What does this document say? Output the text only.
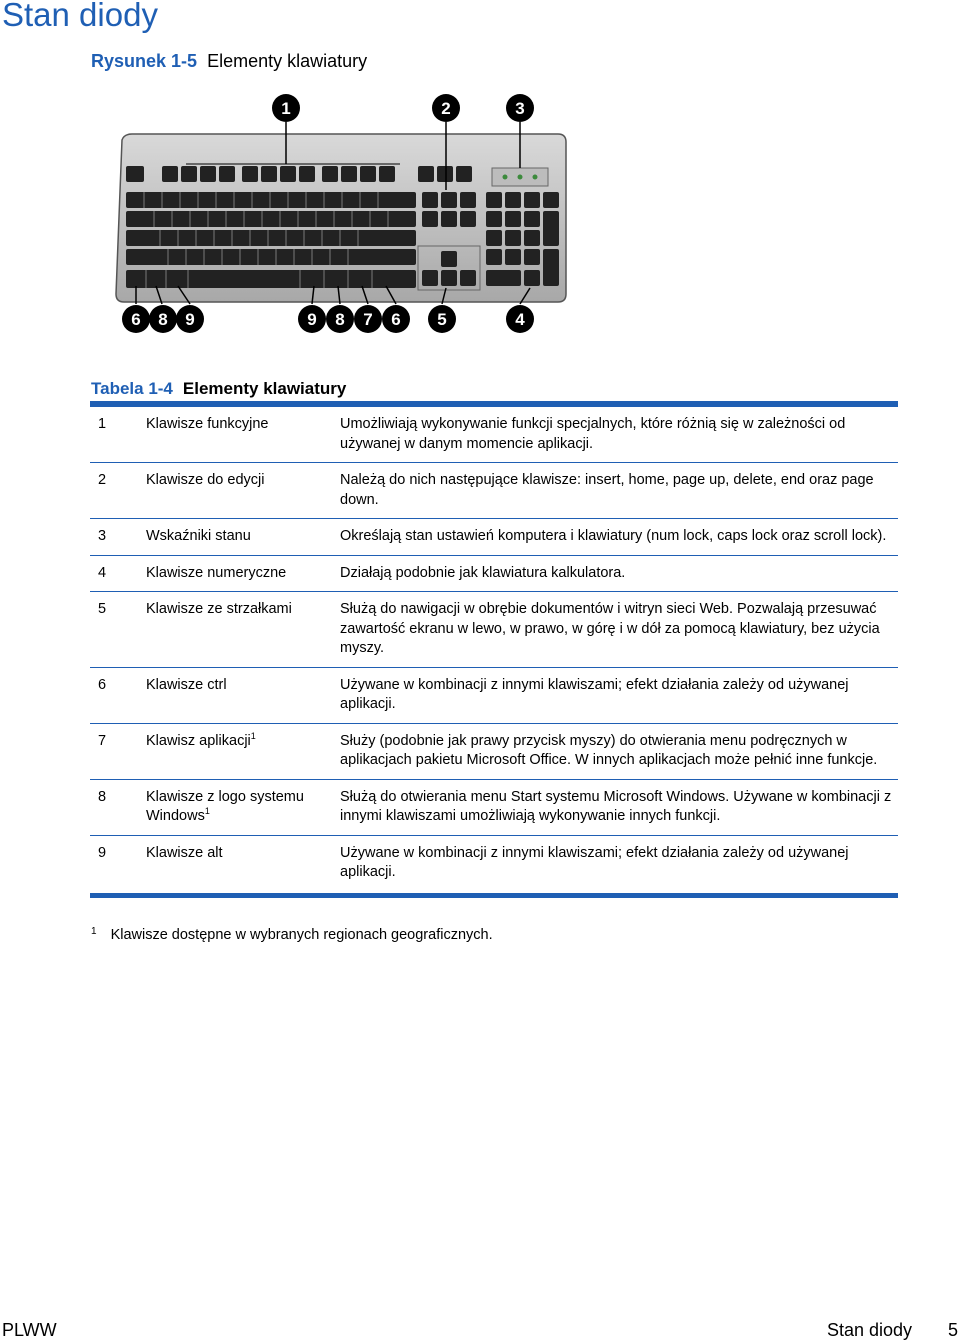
Stan diody
Rysunek 1-5 Elementy klawiatury
1	2	3
6 8 9	9 8 7 6 5	4
Tabela 1-4 Elementy klawiatury

1	Klawisze funkcyjne	Umożliwiają wykonywanie funkcji specjalnych, które różnią się w zależności od używanej w danym momencie aplikacji.
2	Klawisze do edycji	Należą do nich następujące klawisze: insert, home, page up, delete, end oraz page down.
3	Wskaźniki stanu	Określają stan ustawień komputera i klawiatury (num lock, caps lock oraz scroll lock).
4	Klawisze numeryczne	Działają podobnie jak klawiatura kalkulatora.
5	Klawisze ze strzałkami	Służą do nawigacji w obrębie dokumentów i witryn sieci Web. Pozwalają przesuwać zawartość ekranu w lewo, w prawo, w górę i w dół za pomocą klawiatury, bez użycia myszy.
6	Klawisze ctrl	Używane w kombinacji z innymi klawiszami; efekt działania zależy od używanej aplikacji.
7	Klawisz aplikacji$^1$	Służy (podobnie jak prawy przycisk myszy) do otwierania menu podręcznych w aplikacjach pakietu Microsoft Office. W innych aplikacjach może pełnić inne funkcje.
8	Klawisze z logo systemu Windows$^1$	Służą do otwierania menu Start systemu Microsoft Windows. Używane w kombinacji z innymi klawiszami umożliwiają wykonywanie innych funkcji.
9	Klawisze alt	Używane w kombinacji z innymi klawiszami; efekt działania zależy od używanej aplikacji.
$^1$ Klawisze dostępne w wybranych regionach geograficznych.
PLWW	Stan diody 5
